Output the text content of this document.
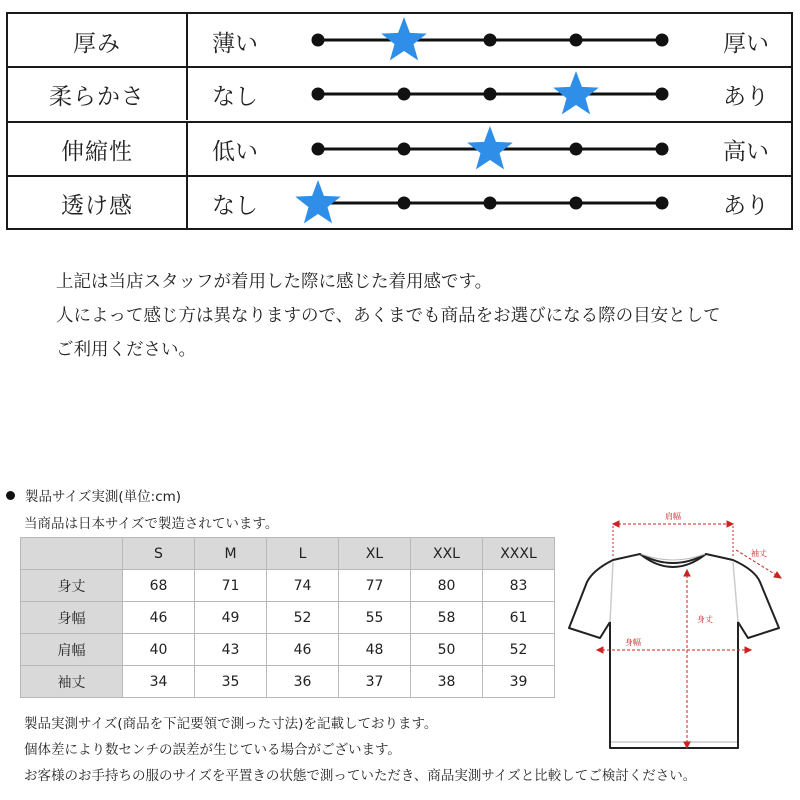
厚み	薄い	厚い
柔らかさ	なし	あり
伸縮性	低い	高い
透け感	なし	あり
上記は当店スタッフが着用した際に感じた着用感です。
人によって感じ方は異なりますので、あくまでも商品をお選びになる際の目安として
ご利用ください。
製品サイズ実測(単位:cm)
当商品は日本サイズで製造されています。
	S	M	L	XL	XXL	XXXL
身丈	68	71	74	77	80	83
身幅	46	49	52	55	58	61
肩幅	40	43	46	48	50	52
袖丈	34	35	36	37	38	39
製品実測サイズ(商品を下記要領で測った寸法)を記載しております。
個体差により数センチの誤差が生じている場合がございます。
お客様のお手持ちの服のサイズを平置きの状態で測っていただき、商品実測サイズと比較してご検討ください。
肩幅
袖丈
身丈
身幅
